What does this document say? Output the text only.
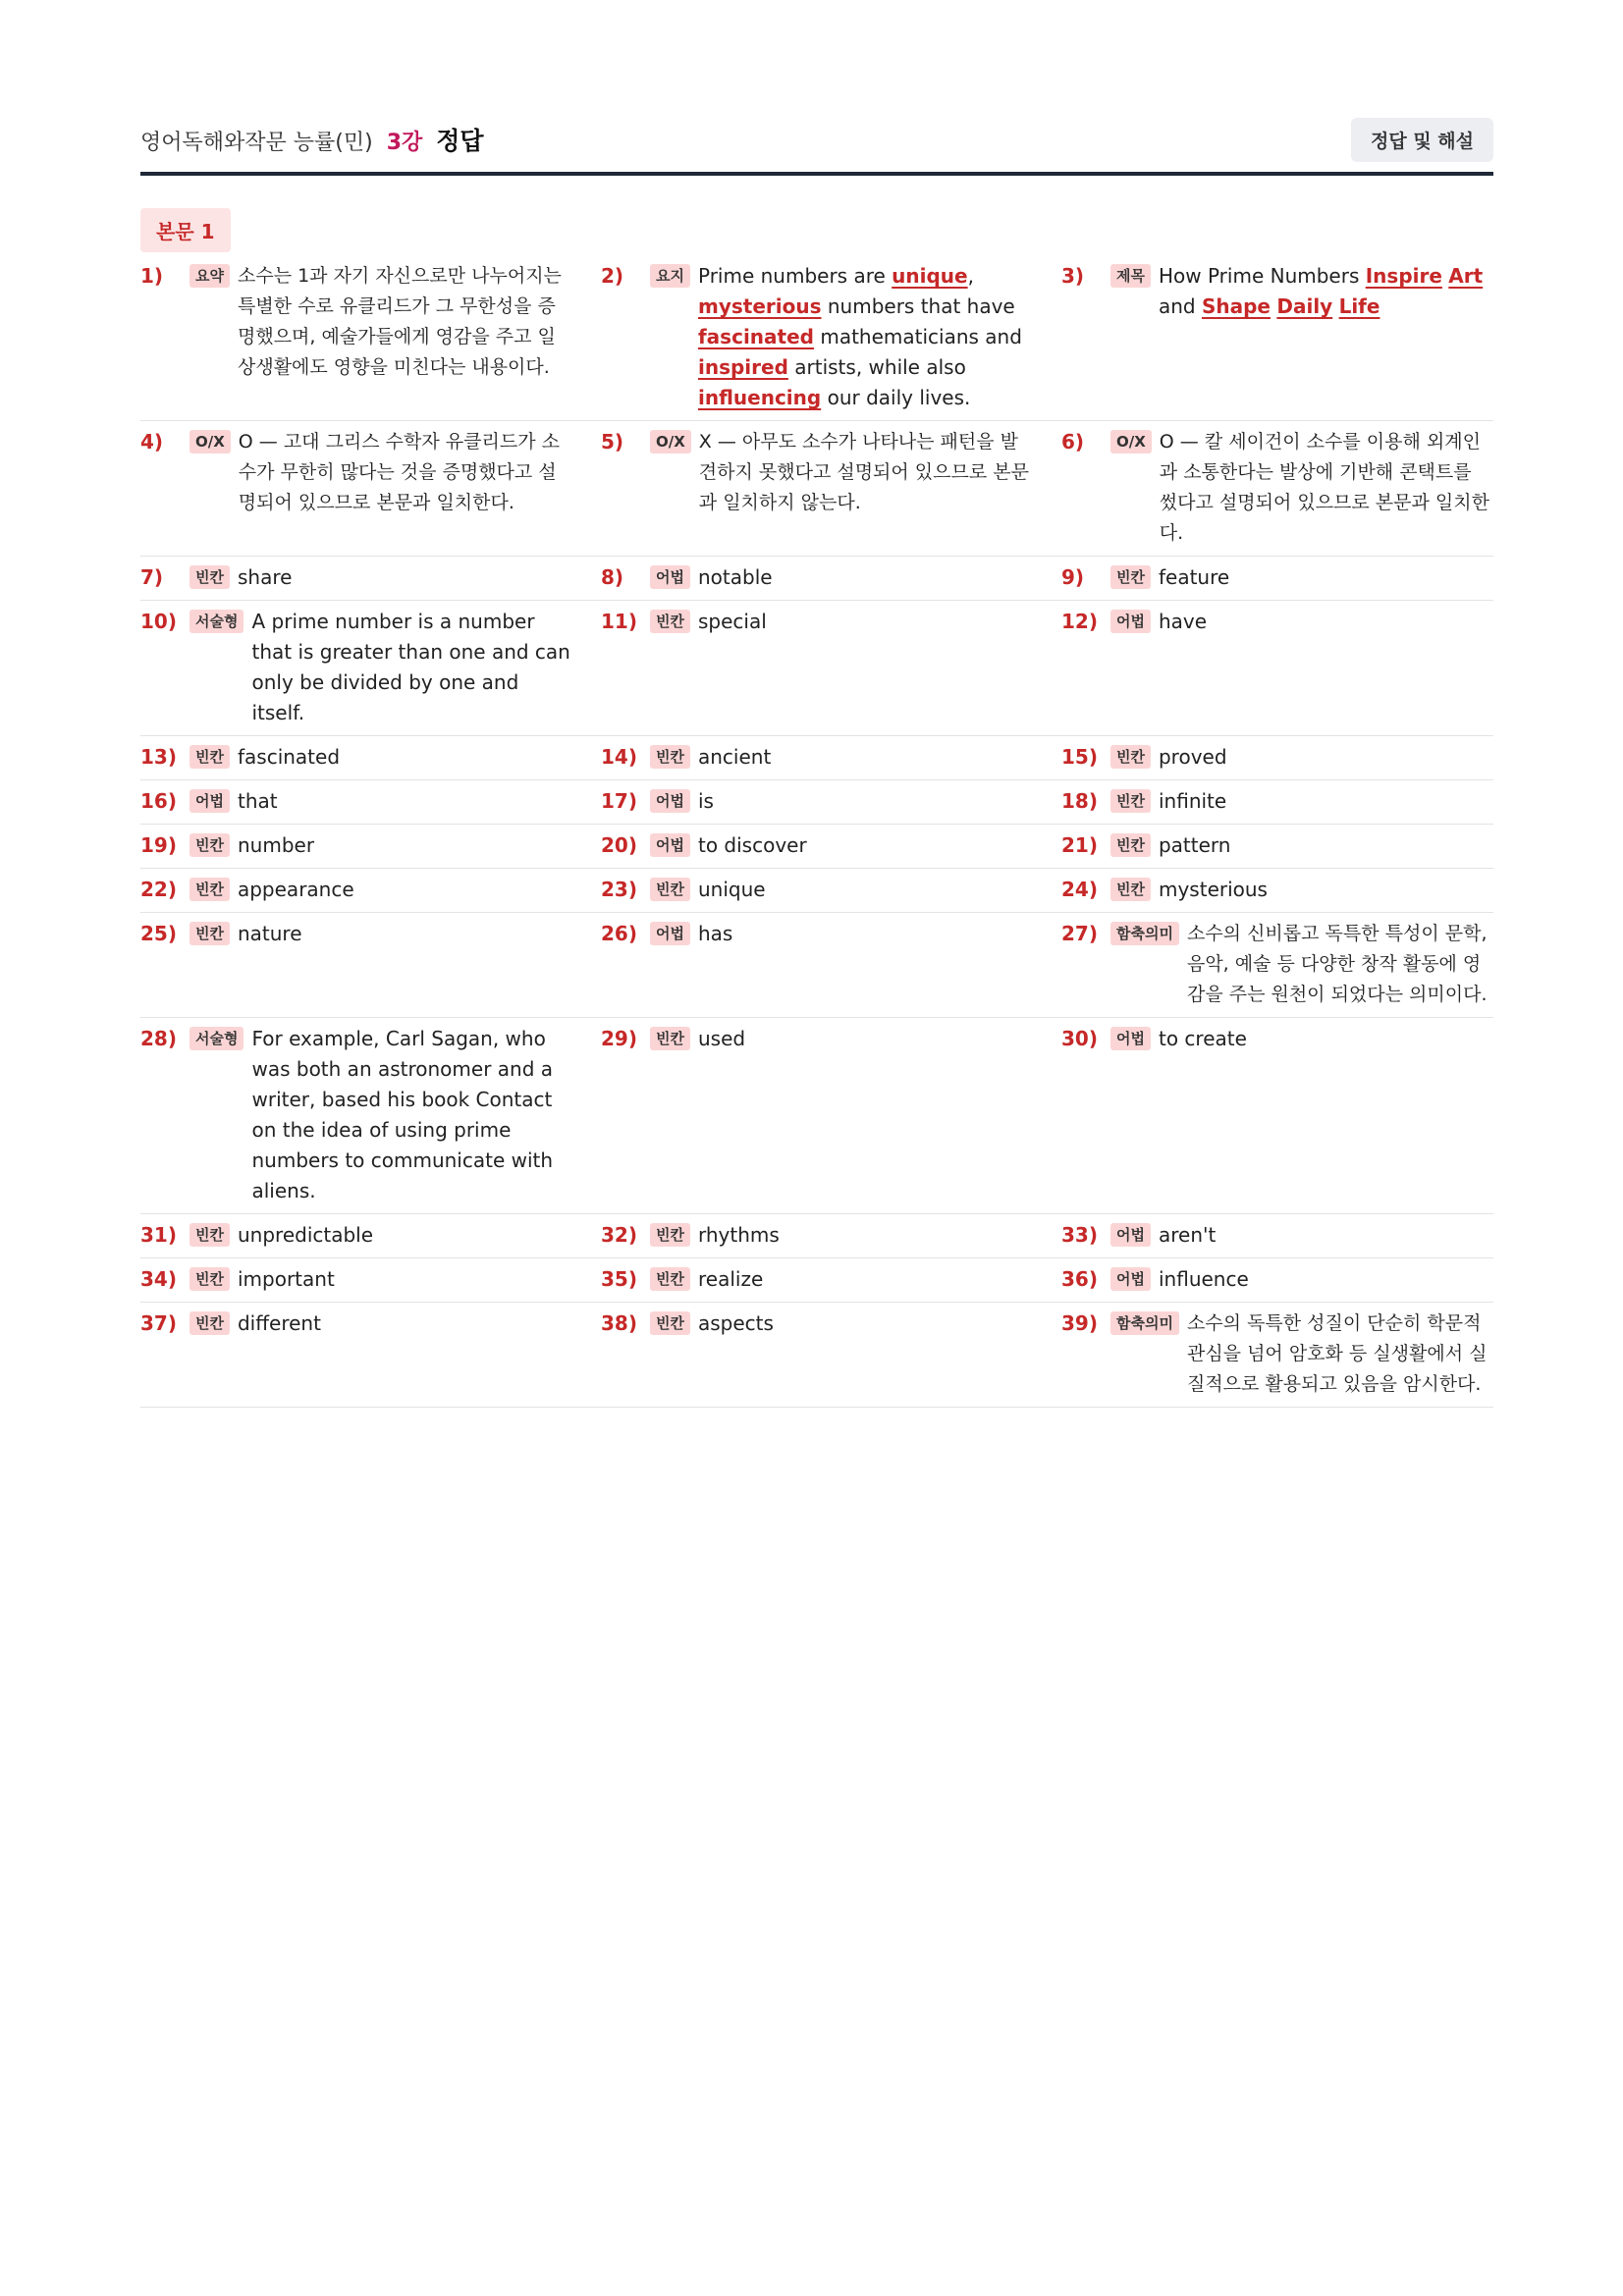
영어독해와작문 능률(민) 3강 정답	정답 및 해설
본문 1
1)	요약 소수는 1과 자기 자신으로만 나누어지는 특별한 수로 유클리드가 그 무한성을 증명했으며, 예술가들에게 영감을 주고 일상생활에도 영향을 미친다는 내용이다.
2)	요지 Prime numbers are unique, mysterious numbers that have fascinated mathematicians and inspired artists, while also influencing our daily lives.
3)	제목 How Prime Numbers Inspire Art and Shape Daily Life
4)	O/X O — 고대 그리스 수학자 유클리드가 소수가 무한히 많다는 것을 증명했다고 설명되어 있으므로 본문과 일치한다.
5)	O/X X — 아무도 소수가 나타나는 패턴을 발견하지 못했다고 설명되어 있으므로 본문과 일치하지 않는다.
6)	O/X O — 칼 세이건이 소수를 이용해 외계인과 소통한다는 발상에 기반해 콘택트를 썼다고 설명되어 있으므로 본문과 일치한다.
7)	빈칸 share	8)	어법 notable	9)	빈칸 feature
10)	서술형 A prime number is a number that is greater than one and can only be divided by one and itself.
11)	빈칸 special	12)	어법 have
13)	빈칸 fascinated	14)	빈칸 ancient	15)	빈칸 proved
16)	어법 that	17)	어법 is	18)	빈칸 infinite
19)	빈칸 number	20)	어법 to discover	21)	빈칸 pattern
22)	빈칸 appearance	23)	빈칸 unique	24)	빈칸 mysterious
25)	빈칸 nature	26)	어법 has	27)	함축의미 소수의 신비롭고 독특한 특성이 문학, 음악, 예술 등 다양한 창작 활동에 영감을 주는 원천이 되었다는 의미이다.
28)	서술형 For example, Carl Sagan, who was both an astronomer and a writer, based his book Contact on the idea of using prime numbers to communicate with aliens.
29)	빈칸 used	30)	어법 to create
31)	빈칸 unpredictable	32)	빈칸 rhythms	33)	어법 aren't
34)	빈칸 important	35)	빈칸 realize	36)	어법 influence
37)	빈칸 different	38)	빈칸 aspects	39)	함축의미 소수의 독특한 성질이 단순히 학문적 관심을 넘어 암호화 등 실생활에서 실질적으로 활용되고 있음을 암시한다.
